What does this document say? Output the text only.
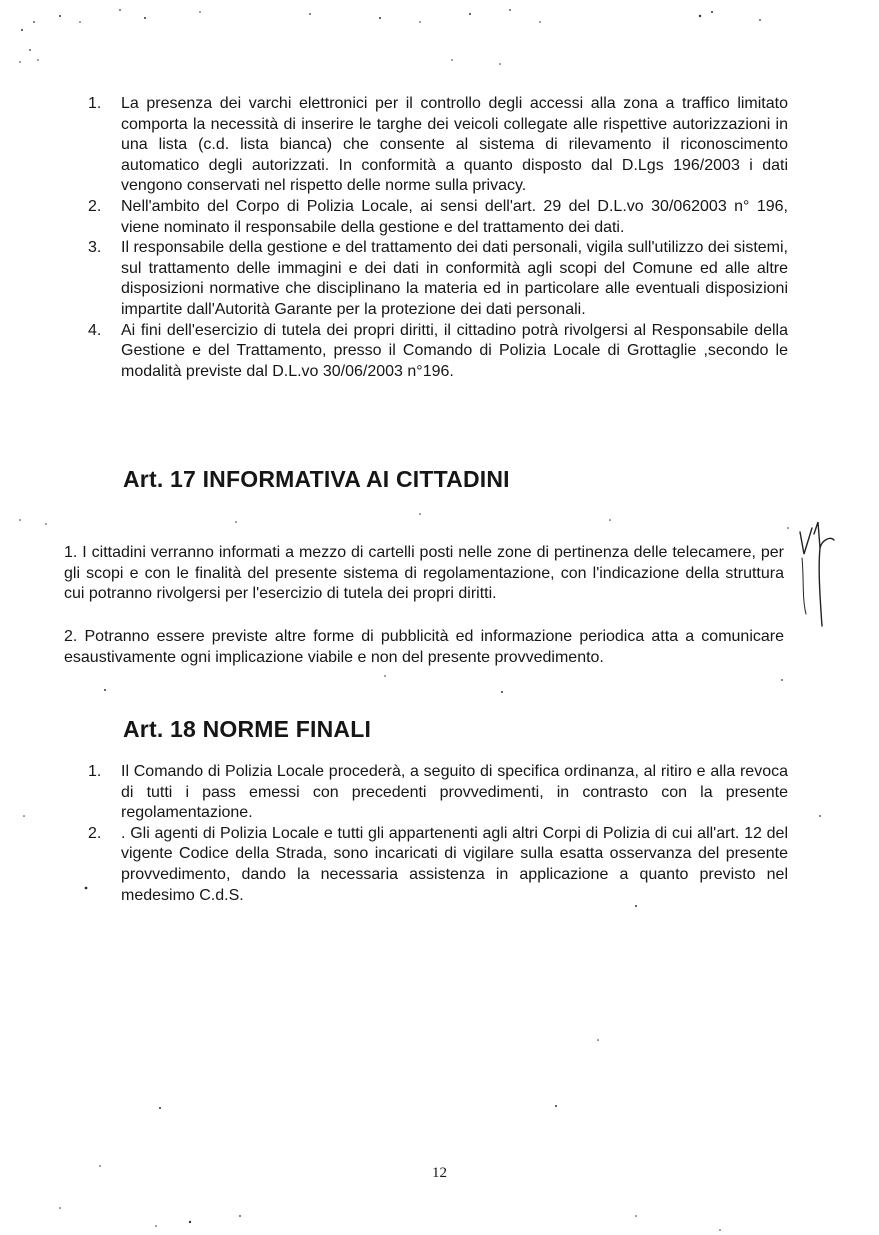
1.	La presenza dei varchi elettronici per il controllo degli accessi alla zona a traffico limitato comporta la necessità di inserire le targhe dei veicoli collegate alle rispettive autorizzazioni in una lista (c.d. lista bianca) che consente al sistema di rilevamento il riconoscimento automatico degli autorizzati. In conformità a quanto disposto dal D.Lgs 196/2003 i dati vengono conservati nel rispetto delle norme sulla privacy.
2.	Nell'ambito del Corpo di Polizia Locale, ai sensi dell'art. 29 del D.L.vo 30/062003 n° 196, viene nominato il responsabile della gestione e del trattamento dei dati.
3.	Il responsabile della gestione e del trattamento dei dati personali, vigila sull'utilizzo dei sistemi, sul trattamento delle immagini e dei dati in conformità agli scopi del Comune ed alle altre disposizioni normative che disciplinano la materia ed in particolare alle eventuali disposizioni impartite dall'Autorità Garante per la protezione dei dati personali.
4.	Ai fini dell'esercizio di tutela dei propri diritti, il cittadino potrà rivolgersi al Responsabile della Gestione e del Trattamento, presso il Comando di Polizia Locale di Grottaglie ,secondo le modalità previste dal D.L.vo 30/06/2003 n°196.
Art. 17 INFORMATIVA AI CITTADINI

1. I cittadini verranno informati a mezzo di cartelli posti nelle zone di pertinenza delle telecamere, per gli scopi e con le finalità del presente sistema di regolamentazione, con l'indicazione della struttura cui potranno rivolgersi per l'esercizio di tutela dei propri diritti.

2. Potranno essere previste altre forme di pubblicità ed informazione periodica atta a comunicare esaustivamente ogni implicazione viabile e non del presente provvedimento.

Art. 18 NORME FINALI
1.	Il Comando di Polizia Locale procederà, a seguito di specifica ordinanza, al ritiro e alla revoca di tutti i pass emessi con precedenti provvedimenti, in contrasto con la presente regolamentazione.
2.	. Gli agenti di Polizia Locale e tutti gli appartenenti agli altri Corpi di Polizia di cui all'art. 12 del vigente Codice della Strada, sono incaricati di vigilare sulla esatta osservanza del presente provvedimento, dando la necessaria assistenza in applicazione a quanto previsto nel medesimo C.d.S.
12
